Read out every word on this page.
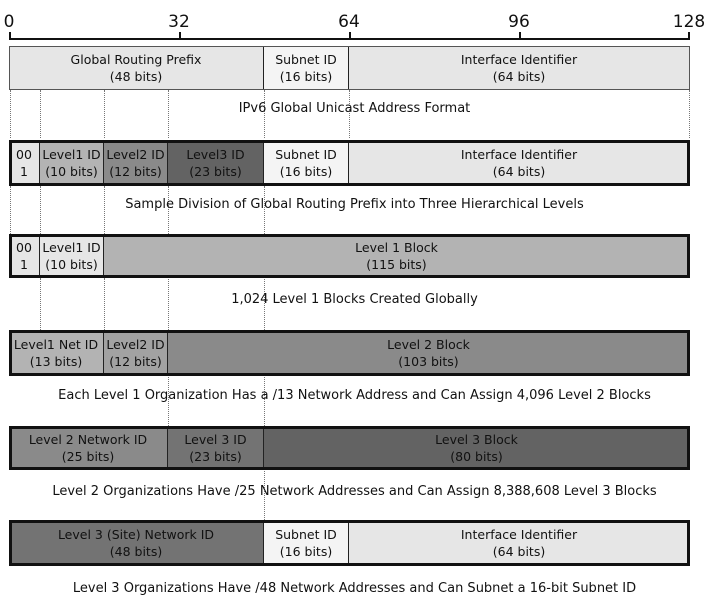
0	32	64	96	128
Global Routing Prefix
(48 bits)
Subnet ID
(16 bits)
Interface Identifier
(64 bits)
IPv6 Global Unicast Address Format
00
1
Level1 ID
(10 bits)
Level2 ID
(12 bits)
Level3 ID
(23 bits)
Subnet ID
(16 bits)
Interface Identifier
(64 bits)
Sample Division of Global Routing Prefix into Three Hierarchical Levels
00
1
Level1 ID
(10 bits)
Level 1 Block
(115 bits)
1,024 Level 1 Blocks Created Globally
Level1 Net ID
(13 bits)
Level2 ID
(12 bits)
Level 2 Block
(103 bits)
Each Level 1 Organization Has a /13 Network Address and Can Assign 4,096 Level 2 Blocks
Level 2 Network ID
(25 bits)
Level 3 ID
(23 bits)
Level 3 Block
(80 bits)
Level 2 Organizations Have /25 Network Addresses and Can Assign 8,388,608 Level 3 Blocks
Level 3 (Site) Network ID
(48 bits)
Subnet ID
(16 bits)
Interface Identifier
(64 bits)
Level 3 Organizations Have /48 Network Addresses and Can Subnet a 16-bit Subnet ID
